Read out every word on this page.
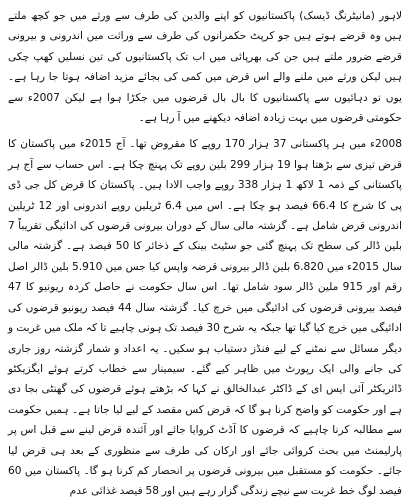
لاہور (مانیٹرنگ ڈیسک) پاکستانیوں کو اپنے والدین کی طرف سے ورثے میں جو کچھ ملتے ہیں وہ قرضے ہوتے ہیں جو کرپٹ حکمرانوں کی طرف سے وراثت میں اندرونی و بیرونی قرضے ضرور ملتے ہیں جن کی بھرپائی میں اب تک پاکستانیوں کی تین نسلیں کھپ چکی ہیں لیکن ورثے میں ملنے والے اس قرض میں کمی کی بجائے مزید اضافہ ہوتا جا رہا ہے۔ یوں تو دہائیوں سے پاکستانیوں کا بال بال قرضوں میں جکڑا ہوا ہے لیکن 2007ء سے حکومتی قرضوں میں بہت زیادہ اضافہ دیکھنے میں آ رہا ہے۔

2008ء میں ہر پاکستانی 37 ہزار 170 روپے کا مقروض تھا۔ آج 2015ء میں پاکستان کا قرض تیزی سے بڑھتا ہوا 19 ہزار 299 بلین روپے تک پہنچ چکا ہے۔ اس حساب سے آج ہر پاکستانی کے ذمہ 1 لاکھ 1 ہزار 338 روپے واجب الادا ہیں۔ پاکستان کا قرض کل جی ڈی پی کا شرح کا 66.4 فیصد ہو چکا ہے۔ اس میں 6.4 ٹریلین روپے اندرونی اور 12 ٹریلین اندرونی قرض شامل ہے۔ گزشتہ مالی سال کے دوران بیرونی قرضوں کی ادائیگی تقریباً 7 بلین ڈالر کی سطح تک پہنچ گئی جو سٹیٹ بینک کے ذخائر کا 50 فیصد ہے۔ گزشتہ مالی سال 2015ء میں 6.820 بلین ڈالر بیرونی قرضہ واپس کیا جس میں 5.910 بلین ڈالر اصل رقم اور 915 ملین ڈالر سود شامل تھا۔ اس سال حکومت نے حاصل کردہ ریونیو کا 47 فیصد بیرونی قرضوں کی ادائیگی میں خرچ کیا۔ گزشتہ سال 44 فیصد ریونیو قرضوں کی ادائیگی میں خرچ کیا گیا تھا جبکہ یہ شرح 30 فیصد تک ہونی چاہیے تا کہ ملک میں غربت و دیگر مسائل سے نمٹنے کے لیے فنڈز دستیاب ہو سکیں۔ یہ اعداد و شمار گزشتہ روز جاری کی جانے والی ایک رپورٹ میں ظاہر کیے گئے۔ سیمینار سے خطاب کرتے ہوئے ایگزیکٹو ڈائریکٹر آئی ایس ای کے ڈاکٹر عبدالخالق نے کہا کہ بڑھتے ہوئے قرضوں کی گھنٹی بجا دی ہے اور حکومت کو واضح کرنا ہو گا کہ قرض کس مقصد کے لیے لیا جاتا ہے۔ ہمیں حکومت سے مطالبہ کرنا چاہیے کہ قرضوں کا آڈٹ کروایا جائے اور آئندہ قرض لینے سے قبل اس پر پارلیمنٹ میں بحث کروائی جائے اور ارکان کی طرف سے منظوری کے بعد ہی قرض لیا جائے۔ حکومت کو مستقبل میں بیرونی قرضوں پر انحصار کم کرنا ہو گا۔ پاکستان میں 60 فیصد لوگ خط غربت سے نیچے زندگی گزار رہے ہیں اور 58 فیصد غذائی عدم
